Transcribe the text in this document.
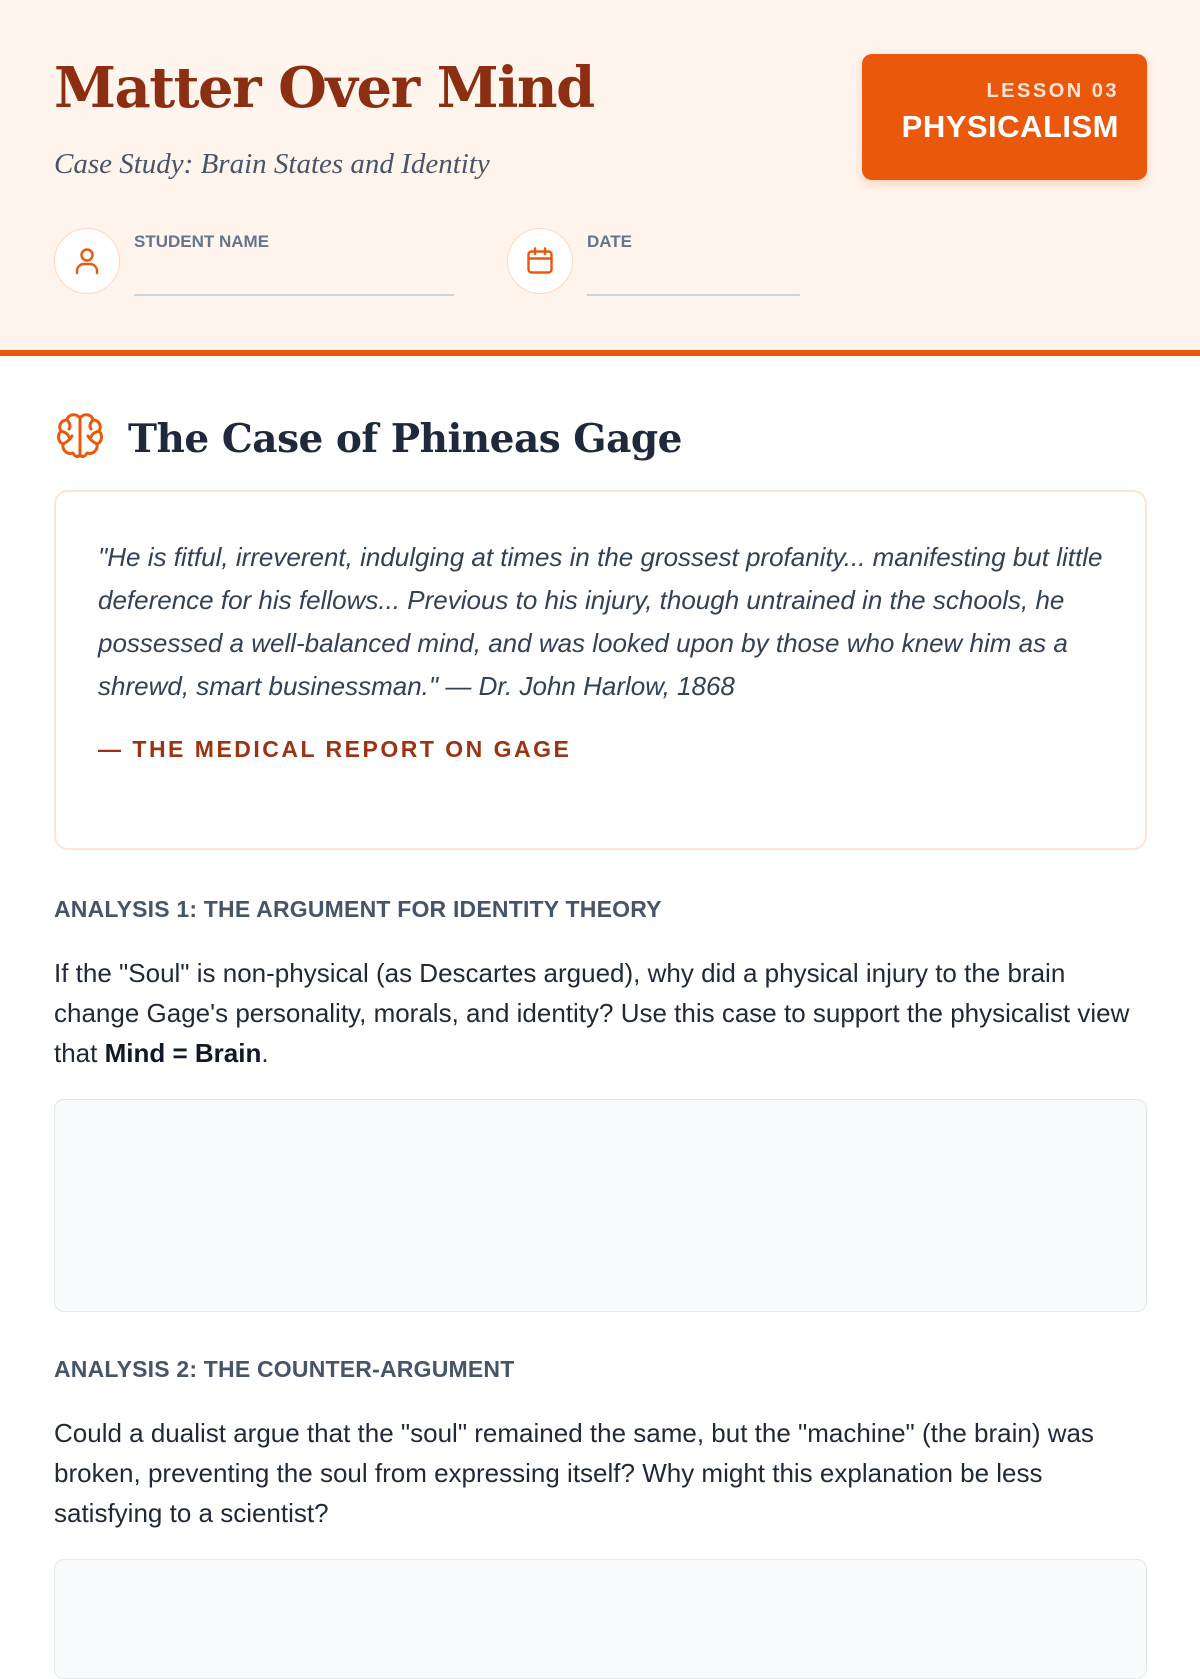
Matter Over Mind
Case Study: Brain States and Identity
LESSON 03
PHYSICALISM
STUDENT NAME	DATE
The Case of Phineas Gage

"He is fitful, irreverent, indulging at times in the grossest profanity... manifesting but little deference for his fellows... Previous to his injury, though untrained in the schools, he possessed a well-balanced mind, and was looked upon by those who knew him as a shrewd, smart businessman." — Dr. John Harlow, 1868

— THE MEDICAL REPORT ON GAGE
ANALYSIS 1: THE ARGUMENT FOR IDENTITY THEORY

If the "Soul" is non-physical (as Descartes argued), why did a physical injury to the brain change Gage's personality, morals, and identity? Use this case to support the physicalist view that Mind = Brain.

ANALYSIS 2: THE COUNTER-ARGUMENT

Could a dualist argue that the "soul" remained the same, but the "machine" (the brain) was broken, preventing the soul from expressing itself? Why might this explanation be less satisfying to a scientist?
